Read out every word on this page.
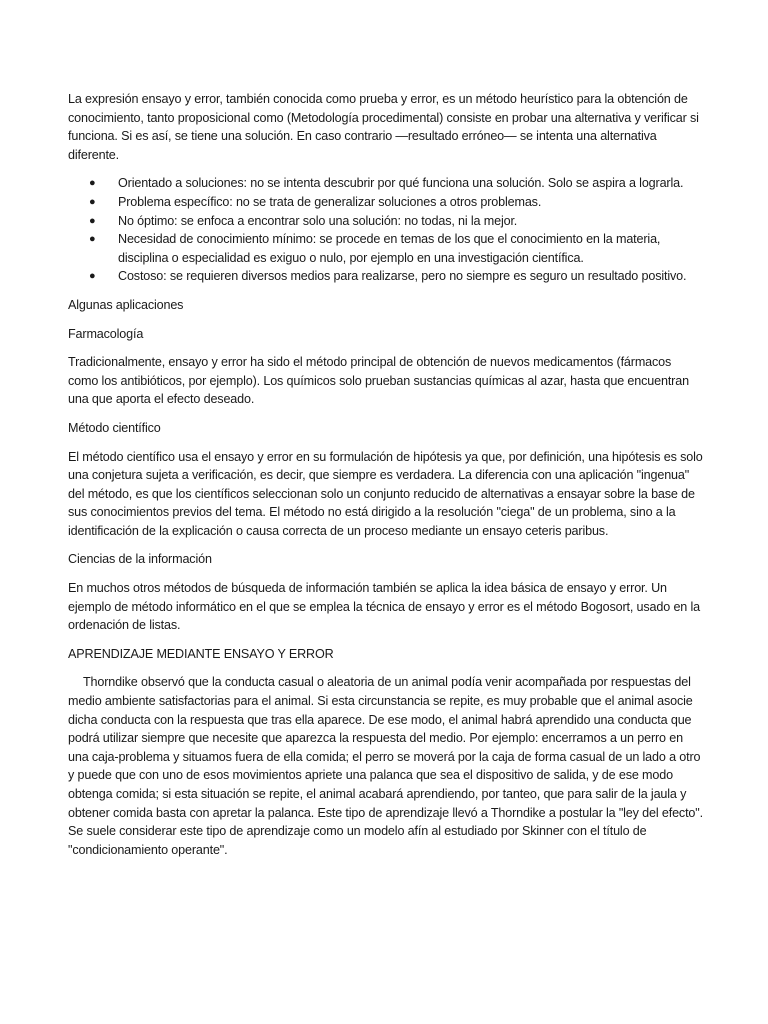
La expresión ensayo y error, también conocida como prueba y error, es un método heurístico para la obtención de conocimiento, tanto proposicional como (Metodología procedimental) consiste en probar una alternativa y verificar si funciona. Si es así, se tiene una solución. En caso contrario —resultado erróneo— se intenta una alternativa diferente.

● Orientado a soluciones: no se intenta descubrir por qué funciona una solución. Solo se aspira a lograrla.
● Problema específico: no se trata de generalizar soluciones a otros problemas.
● No óptimo: se enfoca a encontrar solo una solución: no todas, ni la mejor.
● Necesidad de conocimiento mínimo: se procede en temas de los que el conocimiento en la materia, disciplina o especialidad es exiguo o nulo, por ejemplo en una investigación científica.
● Costoso: se requieren diversos medios para realizarse, pero no siempre es seguro un resultado positivo.

Algunas aplicaciones

Farmacología

Tradicionalmente, ensayo y error ha sido el método principal de obtención de nuevos medicamentos (fármacos como los antibióticos, por ejemplo). Los químicos solo prueban sustancias químicas al azar, hasta que encuentran una que aporta el efecto deseado.

Método científico

El método científico usa el ensayo y error en su formulación de hipótesis ya que, por definición, una hipótesis es solo una conjetura sujeta a verificación, es decir, que siempre es verdadera. La diferencia con una aplicación "ingenua" del método, es que los científicos seleccionan solo un conjunto reducido de alternativas a ensayar sobre la base de sus conocimientos previos del tema. El método no está dirigido a la resolución "ciega" de un problema, sino a la identificación de la explicación o causa correcta de un proceso mediante un ensayo ceteris paribus.

Ciencias de la información

En muchos otros métodos de búsqueda de información también se aplica la idea básica de ensayo y error. Un ejemplo de método informático en el que se emplea la técnica de ensayo y error es el método Bogosort, usado en la ordenación de listas.

APRENDIZAJE MEDIANTE ENSAYO Y ERROR

Thorndike observó que la conducta casual o aleatoria de un animal podía venir acompañada por respuestas del medio ambiente satisfactorias para el animal. Si esta circunstancia se repite, es muy probable que el animal asocie dicha conducta con la respuesta que tras ella aparece. De ese modo, el animal habrá aprendido una conducta que podrá utilizar siempre que necesite que aparezca la respuesta del medio. Por ejemplo: encerramos a un perro en una caja-problema y situamos fuera de ella comida; el perro se moverá por la caja de forma casual de un lado a otro y puede que con uno de esos movimientos apriete una palanca que sea el dispositivo de salida, y de ese modo obtenga comida; si esta situación se repite, el animal acabará aprendiendo, por tanteo, que para salir de la jaula y obtener comida basta con apretar la palanca. Este tipo de aprendizaje llevó a Thorndike a postular la "ley del efecto". Se suele considerar este tipo de aprendizaje como un modelo afín al estudiado por Skinner con el título de "condicionamiento operante".
